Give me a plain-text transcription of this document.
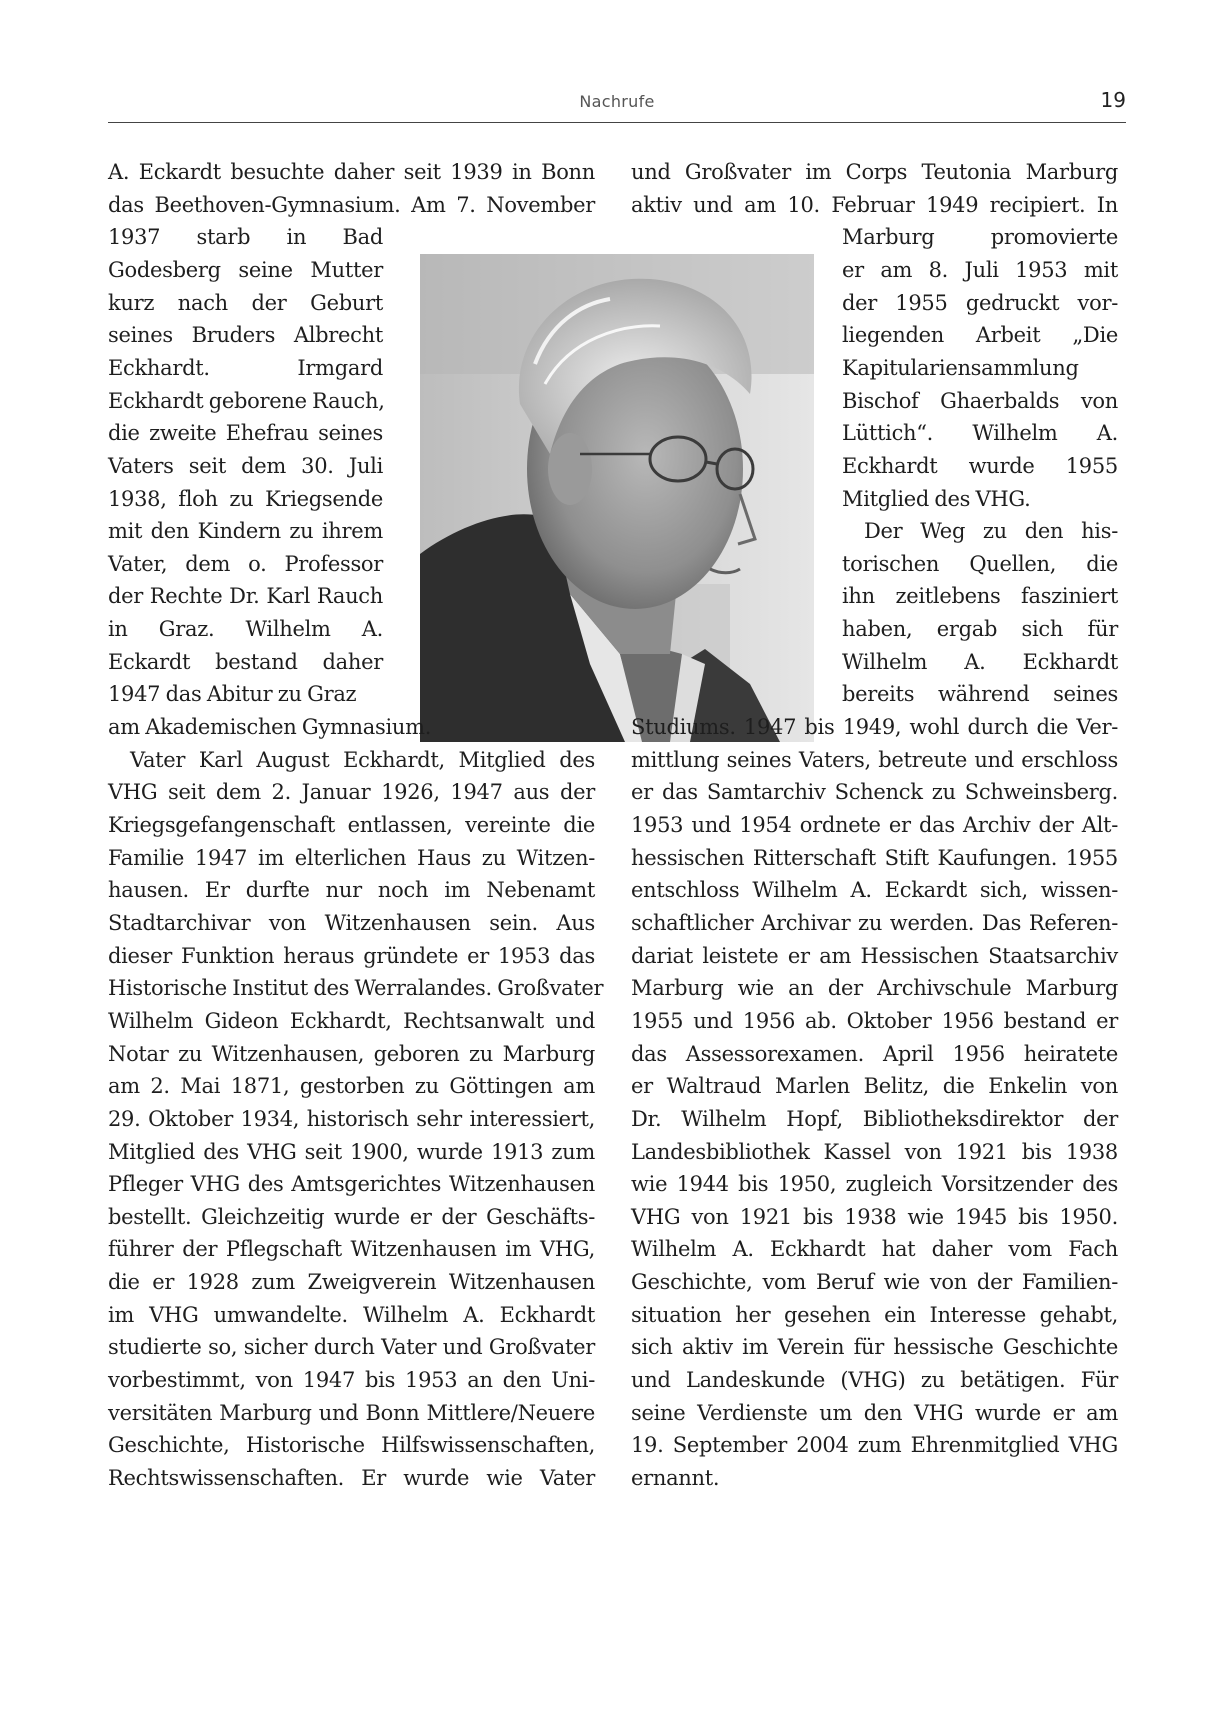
Nachrufe	19
A. Eckardt besuchte daher seit 1939 in Bonn
das Beethoven-Gymnasium. Am 7. November
1937 starb in Bad
Godesberg seine Mutter
kurz nach der Geburt
seines Bruders Albrecht
Eckhardt. Irmgard
Eckhardt geborene Rauch,
die zweite Ehefrau seines
Vaters seit dem 30. Juli
1938, floh zu Kriegsende
mit den Kindern zu ihrem
Vater, dem o. Professor
der Rechte Dr. Karl Rauch
in Graz. Wilhelm A.
Eckardt bestand daher
1947 das Abitur zu Graz
am Akademischen Gymnasium.
Vater Karl August Eckhardt, Mitglied des
VHG seit dem 2. Januar 1926, 1947 aus der
Kriegsgefangenschaft entlassen, vereinte die
Familie 1947 im elterlichen Haus zu Witzen-
hausen. Er durfte nur noch im Nebenamt
Stadtarchivar von Witzenhausen sein. Aus
dieser Funktion heraus gründete er 1953 das
Historische Institut des Werralandes. Großvater
Wilhelm Gideon Eckhardt, Rechtsanwalt und
Notar zu Witzenhausen, geboren zu Marburg
am 2. Mai 1871, gestorben zu Göttingen am
29. Oktober 1934, historisch sehr interessiert,
Mitglied des VHG seit 1900, wurde 1913 zum
Pfleger VHG des Amtsgerichtes Witzenhausen
bestellt. Gleichzeitig wurde er der Geschäfts-
führer der Pflegschaft Witzenhausen im VHG,
die er 1928 zum Zweigverein Witzenhausen
im VHG umwandelte. Wilhelm A. Eckhardt
studierte so, sicher durch Vater und Großvater
vorbestimmt, von 1947 bis 1953 an den Uni-
versitäten Marburg und Bonn Mittlere/Neuere
Geschichte, Historische Hilfswissenschaften,
Rechtswissenschaften. Er wurde wie Vater
und Großvater im Corps Teutonia Marburg
aktiv und am 10. Februar 1949 recipiert. In
Marburg promovierte
er am 8. Juli 1953 mit
der 1955 gedruckt vor-
liegenden Arbeit „Die
Kapitulariensammlung
Bischof Ghaerbalds von
Lüttich“. Wilhelm A.
Eckhardt wurde 1955
Mitglied des VHG.
Der Weg zu den his-
torischen Quellen, die
ihn zeitlebens fasziniert
haben, ergab sich für
Wilhelm A. Eckhardt
bereits während seines
Studiums. 1947 bis 1949, wohl durch die Ver-
mittlung seines Vaters, betreute und erschloss
er das Samtarchiv Schenck zu Schweinsberg.
1953 und 1954 ordnete er das Archiv der Alt-
hessischen Ritterschaft Stift Kaufungen. 1955
entschloss Wilhelm A. Eckardt sich, wissen-
schaftlicher Archivar zu werden. Das Referen-
dariat leistete er am Hessischen Staatsarchiv
Marburg wie an der Archivschule Marburg
1955 und 1956 ab. Oktober 1956 bestand er
das Assessorexamen. April 1956 heiratete
er Waltraud Marlen Belitz, die Enkelin von
Dr. Wilhelm Hopf, Bibliotheksdirektor der
Landesbibliothek Kassel von 1921 bis 1938
wie 1944 bis 1950, zugleich Vorsitzender des
VHG von 1921 bis 1938 wie 1945 bis 1950.
Wilhelm A. Eckhardt hat daher vom Fach
Geschichte, vom Beruf wie von der Familien-
situation her gesehen ein Interesse gehabt,
sich aktiv im Verein für hessische Geschichte
und Landeskunde (VHG) zu betätigen. Für
seine Verdienste um den VHG wurde er am
19. September 2004 zum Ehrenmitglied VHG
ernannt.
